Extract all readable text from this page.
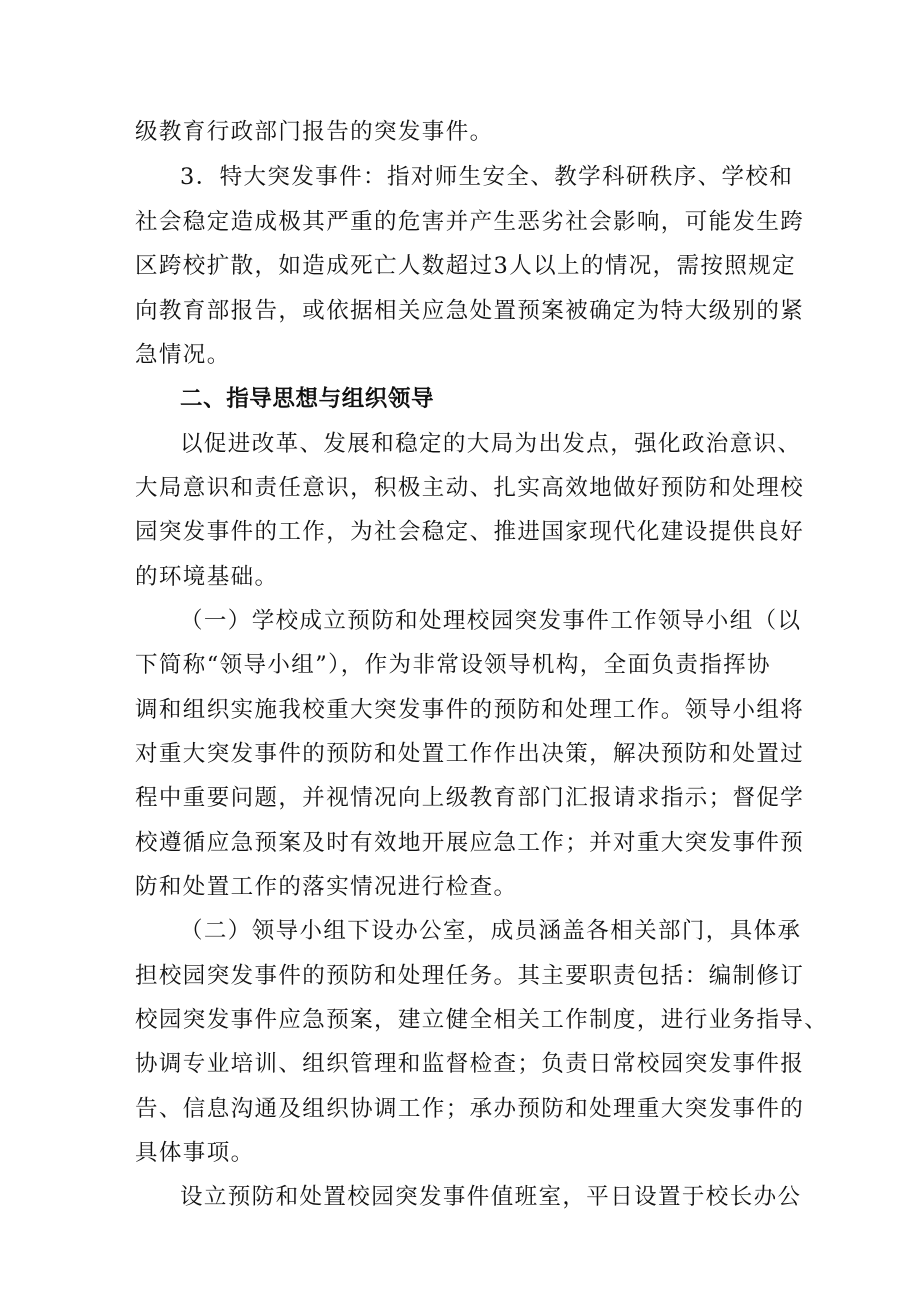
级教育行政部门报告的突发事件。
3．特大突发事件：指对师生安全、教学科研秩序、学校和
社会稳定造成极其严重的危害并产生恶劣社会影响，可能发生跨
区跨校扩散，如造成死亡人数超过3人以上的情况，需按照规定
向教育部报告，或依据相关应急处置预案被确定为特大级别的紧
急情况。
二、指导思想与组织领导
以促进改革、发展和稳定的大局为出发点，强化政治意识、
大局意识和责任意识，积极主动、扎实高效地做好预防和处理校
园突发事件的工作，为社会稳定、推进国家现代化建设提供良好
的环境基础。
（一）学校成立预防和处理校园突发事件工作领导小组（以
下简称“领导小组”），作为非常设领导机构，全面负责指挥协
调和组织实施我校重大突发事件的预防和处理工作。领导小组将
对重大突发事件的预防和处置工作作出决策，解决预防和处置过
程中重要问题，并视情况向上级教育部门汇报请求指示；督促学
校遵循应急预案及时有效地开展应急工作；并对重大突发事件预
防和处置工作的落实情况进行检查。
（二）领导小组下设办公室，成员涵盖各相关部门，具体承
担校园突发事件的预防和处理任务。其主要职责包括：编制修订
校园突发事件应急预案，建立健全相关工作制度，进行业务指导、
协调专业培训、组织管理和监督检查；负责日常校园突发事件报
告、信息沟通及组织协调工作；承办预防和处理重大突发事件的
具体事项。
设立预防和处置校园突发事件值班室，平日设置于校长办公
